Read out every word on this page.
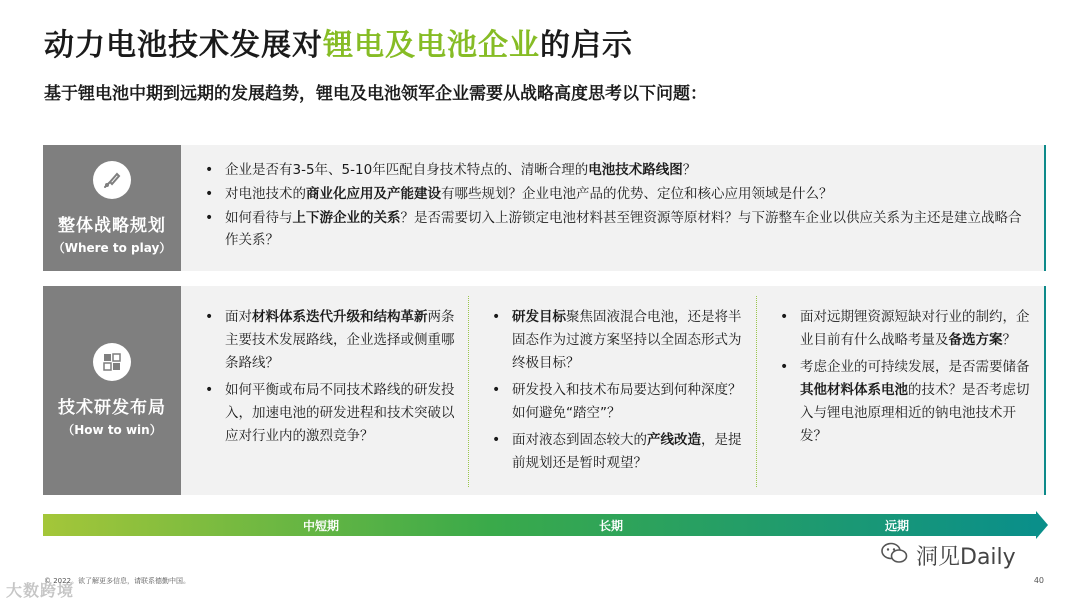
动力电池技术发展对锂电及电池企业的启示
基于锂电池中期到远期的发展趋势，锂电及电池领军企业需要从战略高度思考以下问题：
整体战略规划
（Where to play）
• 企业是否有3-5年、5-10年匹配自身技术特点的、清晰合理的电池技术路线图？
• 对电池技术的商业化应用及产能建设有哪些规划？企业电池产品的优势、定位和核心应用领域是什么？
• 如何看待与上下游企业的关系？是否需要切入上游锁定电池材料甚至锂资源等原材料？与下游整车企业以供应关系为主还是建立战略合作关系？
技术研发布局
（How to win）
• 面对材料体系迭代升级和结构革新两条主要技术发展路线，企业选择或侧重哪条路线？
• 如何平衡或布局不同技术路线的研发投入，加速电池的研发进程和技术突破以应对行业内的激烈竞争？
• 研发目标聚焦固液混合电池，还是将半固态作为过渡方案坚持以全固态形式为终极目标？
• 研发投入和技术布局要达到何种深度？如何避免“踏空”？
• 面对液态到固态较大的产线改造，是提前规划还是暂时观望？
• 面对远期锂资源短缺对行业的制约，企业目前有什么战略考量及备选方案？
• 考虑企业的可持续发展，是否需要储备其他材料体系电池的技术？是否考虑切入与锂电池原理相近的钠电池技术开发？
中短期	长期	远期
洞见Daily
大数跨境
© 2022。欲了解更多信息，请联系德勤中国。	40
